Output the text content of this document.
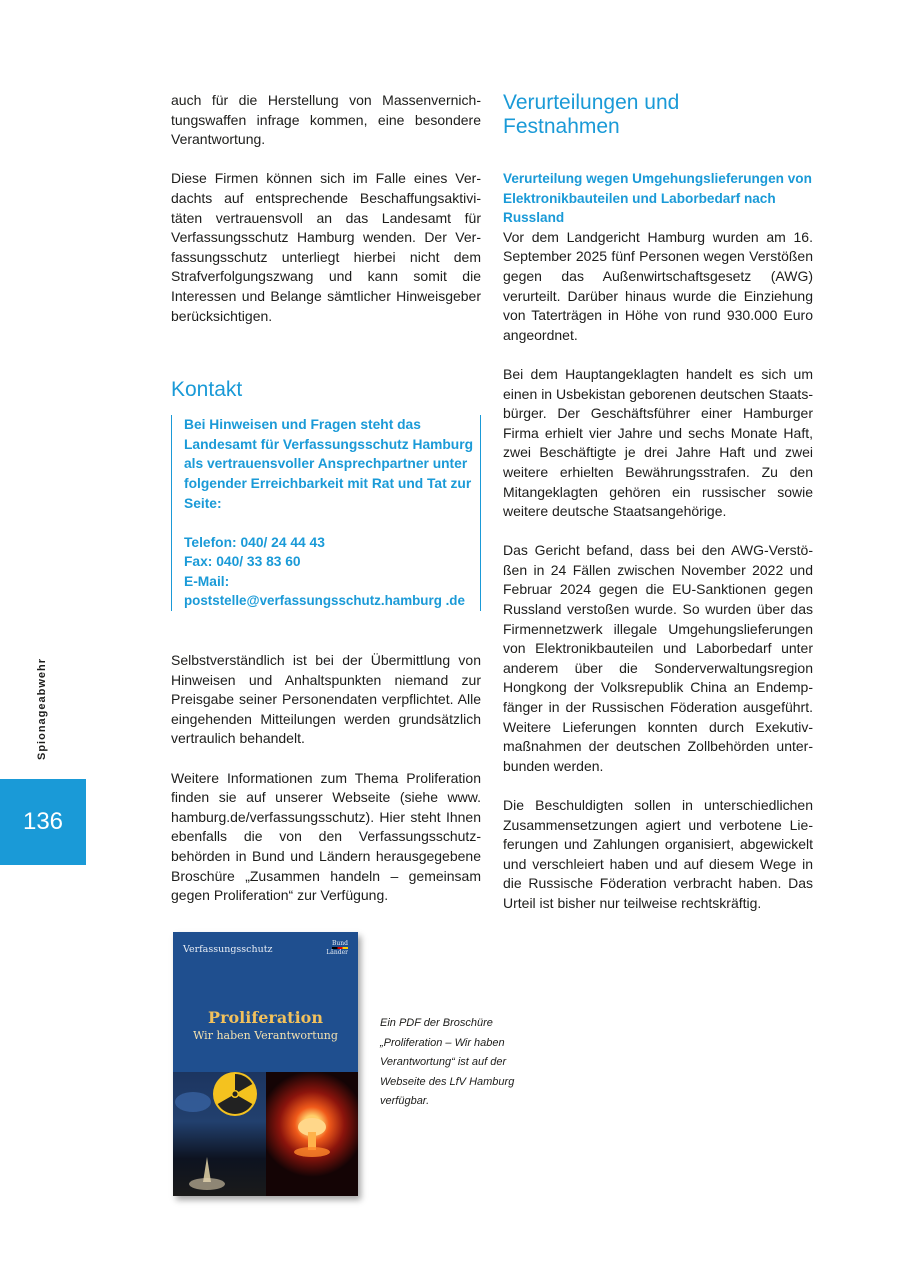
auch für die Herstellung von Massenvernichtungswaffen infrage kommen, eine besondere Verantwortung.

Diese Firmen können sich im Falle eines Verdachts auf entsprechende Beschaffungsaktivitäten vertrauensvoll an das Landesamt für Verfassungsschutz Hamburg wenden. Der Verfassungsschutz unterliegt hierbei nicht dem Strafverfolgungszwang und kann somit die Interessen und Belange sämtlicher Hinweisgeber berücksichtigen.

Kontakt
Bei Hinweisen und Fragen steht das Landesamt für Verfassungsschutz Hamburg als vertrauensvoller Ansprechpartner unter folgender Erreichbarkeit mit Rat und Tat zur Seite:
Telefon: 040/ 24 44 43
Fax: 040/ 33 83 60
E-Mail:
poststelle@verfassungsschutz.hamburg .de

Selbstverständlich ist bei der Übermittlung von Hinweisen und Anhaltspunkten niemand zur Preisgabe seiner Personendaten verpflichtet. Alle eingehenden Mitteilungen werden grundsätzlich vertraulich behandelt.

Weitere Informationen zum Thema Proliferation finden sie auf unserer Webseite (siehe www. hamburg.de/verfassungsschutz). Hier steht Ihnen ebenfalls die von den Verfassungsschutzbehörden in Bund und Ländern herausgegebene Broschüre „Zusammen handeln – gemeinsam gegen Proliferation“ zur Verfügung.

Verurteilungen und Festnahmen
Verurteilung wegen Umgehungslieferungen von Elektronikbauteilen und Laborbedarf nach Russland

Vor dem Landgericht Hamburg wurden am 16. September 2025 fünf Personen wegen Verstößen gegen das Außenwirtschaftsgesetz (AWG) verurteilt. Darüber hinaus wurde die Einziehung von Taterträgen in Höhe von rund 930.000 Euro angeordnet.

Bei dem Hauptangeklagten handelt es sich um einen in Usbekistan geborenen deutschen Staatsbürger. Der Geschäftsführer einer Hamburger Firma erhielt vier Jahre und sechs Monate Haft, zwei Beschäftigte je drei Jahre Haft und zwei weitere erhielten Bewährungsstrafen. Zu den Mitangeklagten gehören ein russischer sowie weitere deutsche Staatsangehörige.

Das Gericht befand, dass bei den AWG-Verstößen in 24 Fällen zwischen November 2022 und Februar 2024 gegen die EU-Sanktionen gegen Russland verstoßen wurde. So wurden über das Firmennetzwerk illegale Umgehungslieferungen von Elektronikbauteilen und Laborbedarf unter anderem über die Sonderverwaltungsregion Hongkong der Volksrepublik China an Endempfänger in der Russischen Föderation ausgeführt. Weitere Lieferungen konnten durch Exekutivmaßnahmen der deutschen Zollbehörden unterbunden werden.

Die Beschuldigten sollen in unterschiedlichen Zusammensetzungen agiert und verbotene Lieferungen und Zahlungen organisiert, abgewickelt und verschleiert haben und auf diesem Wege in die Russische Föderation verbracht haben. Das Urteil ist bisher nur teilweise rechtskräftig.

Spionageabwehr
136
Verfassungsschutz
Bund
Länder
Proliferation
Wir haben Verantwortung
Ein PDF der Broschüre „Proliferation – Wir haben Verantwortung“ ist auf der Webseite des LfV Hamburg verfügbar.
